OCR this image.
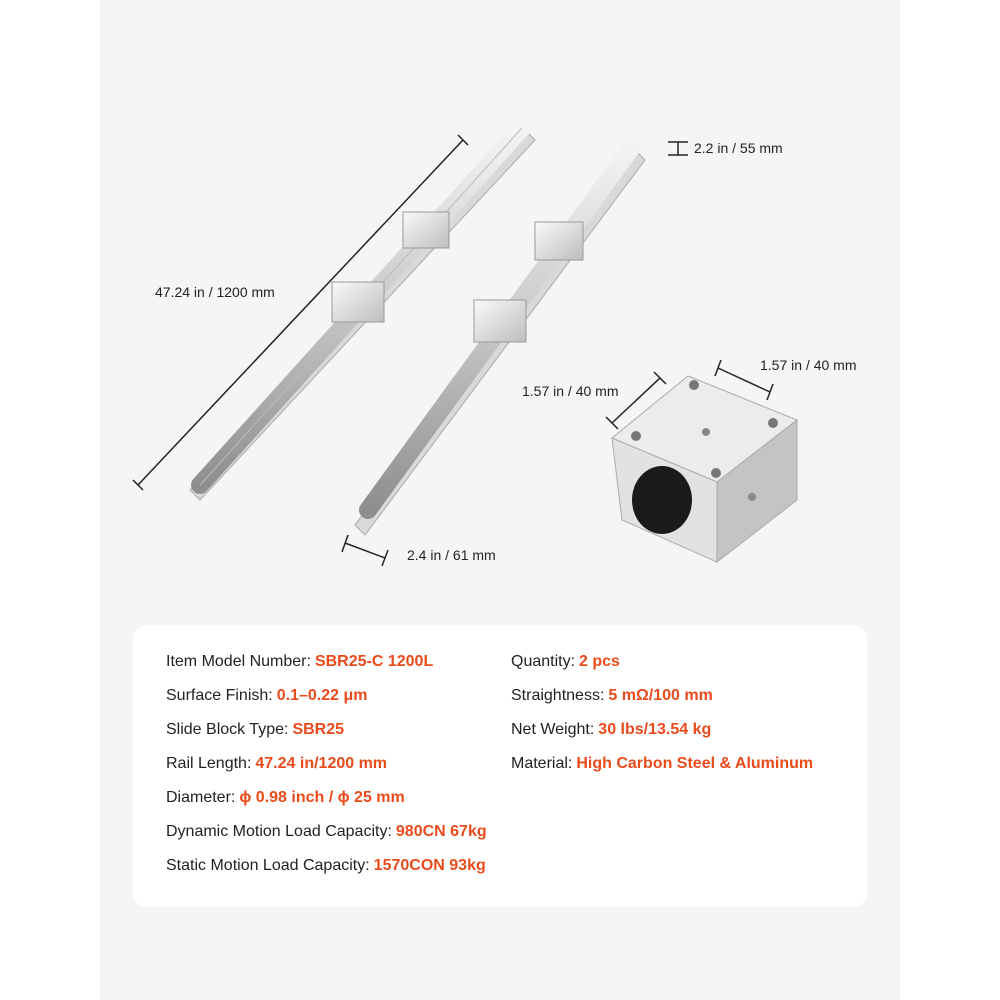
47.24 in / 1200 mm
2.2 in / 55 mm
2.4 in / 61 mm
1.57 in / 40 mm
1.57 in / 40 mm
Item Model Number: SBR25-C 1200L
Surface Finish: 0.1–0.22 μm
Slide Block Type: SBR25
Rail Length: 47.24 in/1200 mm
Diameter: ϕ 0.98 inch / ϕ 25 mm
Dynamic Motion Load Capacity: 980CN 67kg
Static Motion Load Capacity: 1570CON 93kg
Quantity: 2 pcs
Straightness: 5 mΩ/100 mm
Net Weight: 30 lbs/13.54 kg
Material: High Carbon Steel & Aluminum
